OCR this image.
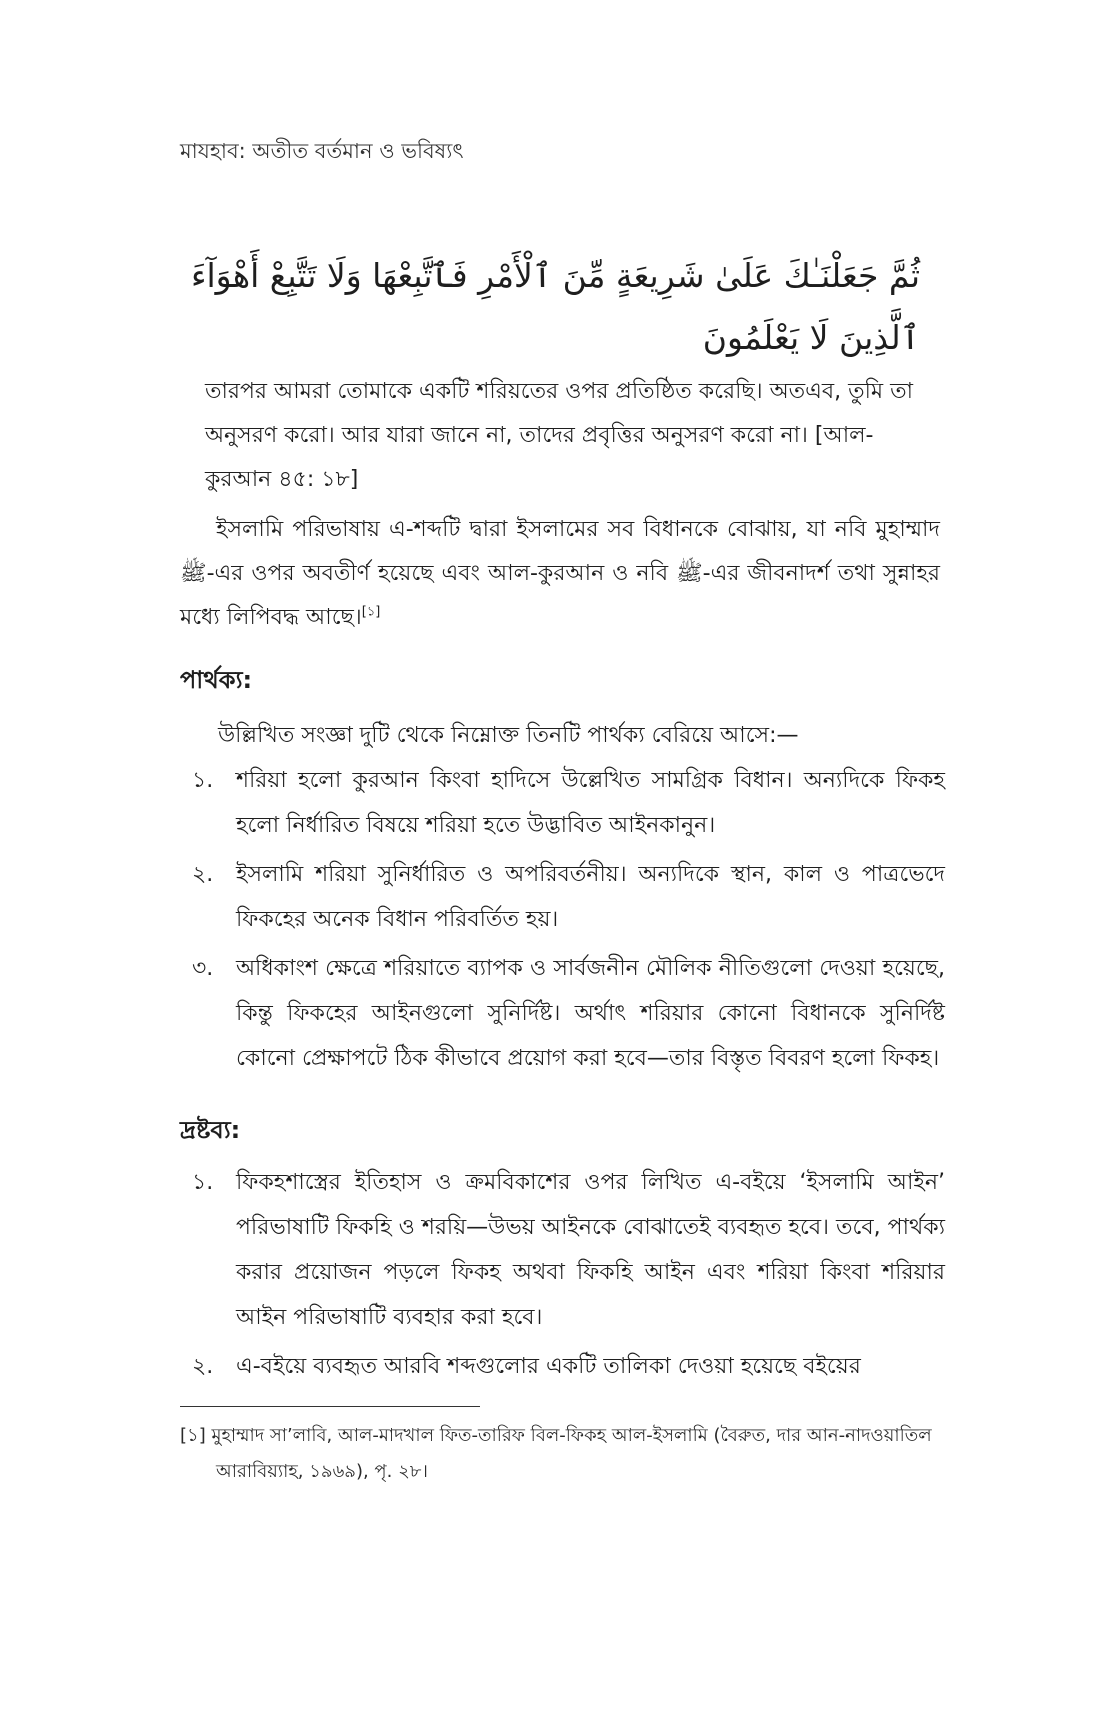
মাযহাব: অতীত বর্তমান ও ভবিষ্যৎ
ثُمَّ جَعَلْنَـٰكَ عَلَىٰ شَرِيعَةٍ مِّنَ ٱلْأَمْرِ فَٱتَّبِعْهَا وَلَا تَتَّبِعْ أَهْوَآءَ ٱلَّذِينَ لَا يَعْلَمُونَ
তারপর আমরা তোমাকে একটি শরিয়তের ওপর প্রতিষ্ঠিত করেছি। অতএব, তুমি তা অনুসরণ করো। আর যারা জানে না, তাদের প্রবৃত্তির অনুসরণ করো না। [আল-কুরআন ৪৫: ১৮]
ইসলামি পরিভাষায় এ-শব্দটি দ্বারা ইসলামের সব বিধানকে বোঝায়, যা নবি মুহাম্মাদ ﷺ-এর ওপর অবতীর্ণ হয়েছে এবং আল-কুরআন ও নবি ﷺ-এর জীবনাদর্শ তথা সুন্নাহর মধ্যে লিপিবদ্ধ আছে।[১]
পার্থক্য:
উল্লিখিত সংজ্ঞা দুটি থেকে নিম্নোক্ত তিনটি পার্থক্য বেরিয়ে আসে:—
১.	শরিয়া হলো কুরআন কিংবা হাদিসে উল্লেখিত সামগ্রিক বিধান। অন্যদিকে ফিকহ হলো নির্ধারিত বিষয়ে শরিয়া হতে উদ্ভাবিত আইনকানুন।
২.	ইসলামি শরিয়া সুনির্ধারিত ও অপরিবর্তনীয়। অন্যদিকে স্থান, কাল ও পাত্রভেদে ফিকহের অনেক বিধান পরিবর্তিত হয়।
৩.	অধিকাংশ ক্ষেত্রে শরিয়াতে ব্যাপক ও সার্বজনীন মৌলিক নীতিগুলো দেওয়া হয়েছে, কিন্তু ফিকহের আইনগুলো সুনির্দিষ্ট। অর্থাৎ শরিয়ার কোনো বিধানকে সুনির্দিষ্ট কোনো প্রেক্ষাপটে ঠিক কীভাবে প্রয়োগ করা হবে—তার বিস্তৃত বিবরণ হলো ফিকহ।
দ্রষ্টব্য:
১.	ফিকহশাস্ত্রের ইতিহাস ও ক্রমবিকাশের ওপর লিখিত এ-বইয়ে ‘ইসলামি আইন’ পরিভাষাটি ফিকহি ও শরয়ি—উভয় আইনকে বোঝাতেই ব্যবহৃত হবে। তবে, পার্থক্য করার প্রয়োজন পড়লে ফিকহ অথবা ফিকহি আইন এবং শরিয়া কিংবা শরিয়ার আইন পরিভাষাটি ব্যবহার করা হবে।
২.	এ-বইয়ে ব্যবহৃত আরবি শব্দগুলোর একটি তালিকা দেওয়া হয়েছে বইয়ের
[১] মুহাম্মাদ সা’লাবি, আল-মাদখাল ফিত-তারিফ বিল-ফিকহ আল-ইসলামি (বৈরুত, দার আন-নাদওয়াতিল আরাবিয়্যাহ, ১৯৬৯), পৃ. ২৮।
